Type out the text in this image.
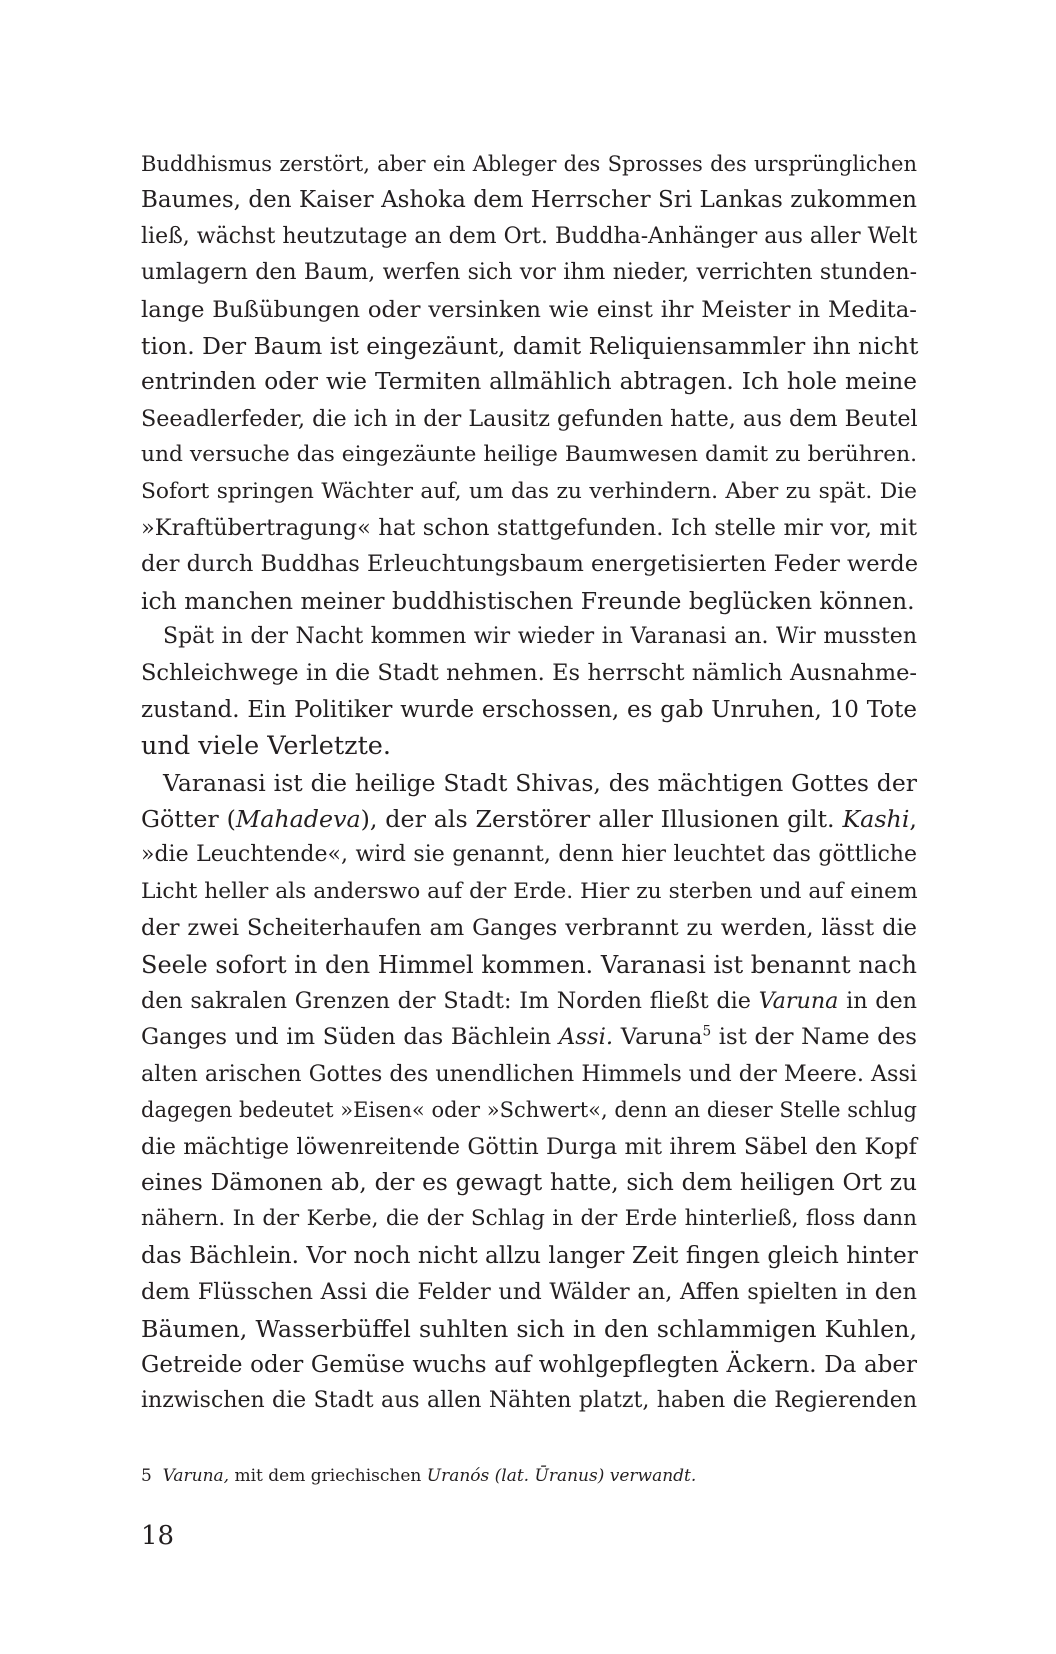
Buddhismus zerstört, aber ein Ableger des Sprosses des ursprünglichen
Baumes, den Kaiser Ashoka dem Herrscher Sri Lankas zukommen
ließ, wächst heutzutage an dem Ort. Buddha-Anhänger aus aller Welt
umlagern den Baum, werfen sich vor ihm nieder, verrichten stunden-
lange Bußübungen oder versinken wie einst ihr Meister in Medita-
tion. Der Baum ist eingezäunt, damit Reliquiensammler ihn nicht
entrinden oder wie Termiten allmählich abtragen. Ich hole meine
Seeadlerfeder, die ich in der Lausitz gefunden hatte, aus dem Beutel
und versuche das eingezäunte heilige Baumwesen damit zu berühren.
Sofort springen Wächter auf, um das zu verhindern. Aber zu spät. Die
»Kraftübertragung« hat schon stattgefunden. Ich stelle mir vor, mit
der durch Buddhas Erleuchtungsbaum energetisierten Feder werde
ich manchen meiner buddhistischen Freunde beglücken können.
Spät in der Nacht kommen wir wieder in Varanasi an. Wir mussten
Schleichwege in die Stadt nehmen. Es herrscht nämlich Ausnahme-
zustand. Ein Politiker wurde erschossen, es gab Unruhen, 10 Tote
und viele Verletzte.
Varanasi ist die heilige Stadt Shivas, des mächtigen Gottes der
Götter (Mahadeva), der als Zerstörer aller Illusionen gilt. Kashi,
»die Leuchtende«, wird sie genannt, denn hier leuchtet das göttliche
Licht heller als anderswo auf der Erde. Hier zu sterben und auf einem
der zwei Scheiterhaufen am Ganges verbrannt zu werden, lässt die
Seele sofort in den Himmel kommen. Varanasi ist benannt nach
den sakralen Grenzen der Stadt: Im Norden fließt die Varuna in den
Ganges und im Süden das Bächlein Assi. Varuna$^5$ ist der Name des
alten arischen Gottes des unendlichen Himmels und der Meere. Assi
dagegen bedeutet »Eisen« oder »Schwert«, denn an dieser Stelle schlug
die mächtige löwenreitende Göttin Durga mit ihrem Säbel den Kopf
eines Dämonen ab, der es gewagt hatte, sich dem heiligen Ort zu
nähern. In der Kerbe, die der Schlag in der Erde hinterließ, floss dann
das Bächlein. Vor noch nicht allzu langer Zeit fingen gleich hinter
dem Flüsschen Assi die Felder und Wälder an, Affen spielten in den
Bäumen, Wasserbüffel suhlten sich in den schlammigen Kuhlen,
Getreide oder Gemüse wuchs auf wohlgepflegten Äckern. Da aber
inzwischen die Stadt aus allen Nähten platzt, haben die Regierenden
5 Varuna, mit dem griechischen Uranós (lat. Ūranus) verwandt.
18
